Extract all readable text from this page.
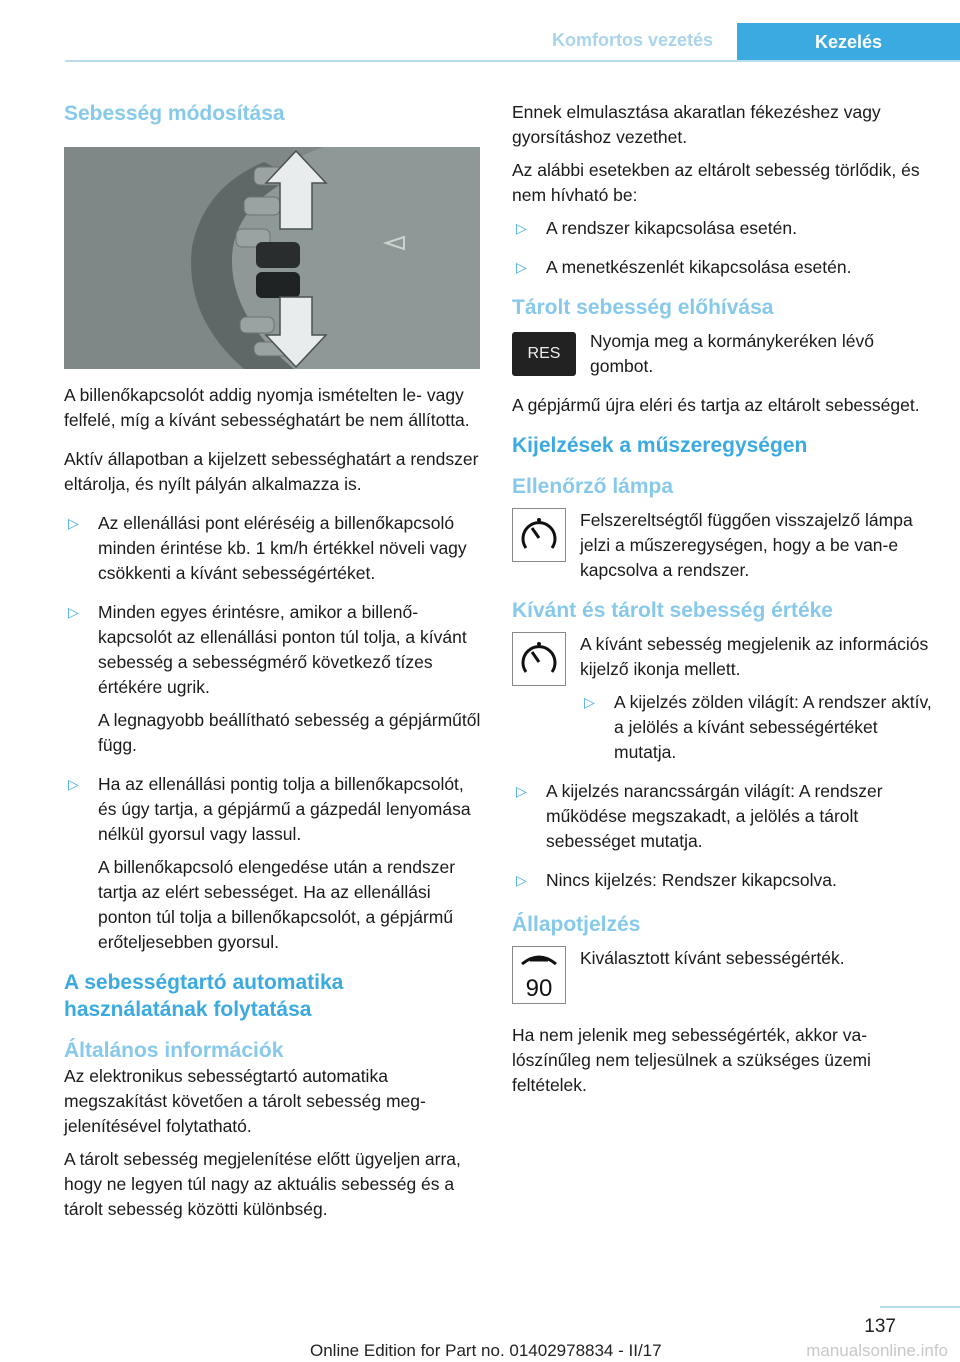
Komfortos vezetés	Kezelés
Sebesség módosítása

A billenőkapcsolót addig nyomja ismételten le- vagy felfelé, míg a kívánt sebességhatárt be nem állította.

Aktív állapotban a kijelzett sebességhatárt a rendszer eltárolja, és nyílt pályán alkalmazza is.

▷ Az ellenállási pont eléréséig a billenőkapcsoló minden érintése kb. 1 km/h értékkel növeli vagy csökkenti a kívánt sebességértéket.
▷ Minden egyes érintésre, amikor a billenőkapcsolót az ellenállási ponton túl tolja, a kívánt sebesség a sebességmérő következő tízes értékére ugrik.
A legnagyobb beállítható sebesség a gépjárműtől függ.
▷ Ha az ellenállási pontig tolja a billenőkapcsolót, és úgy tartja, a gépjármű a gázpedál lenyomása nélkül gyorsul vagy lassul.
A billenőkapcsoló elengedése után a rendszer tartja az elért sebességet. Ha az ellenállási ponton túl tolja a billenőkapcsolót, a gépjármű erőteljesebben gyorsul.
A sebességtartó automatika használatának folytatása
Általános információk

Az elektronikus sebességtartó automatika megszakítást követően a tárolt sebesség megjelenítésével folytatható.

A tárolt sebesség megjelenítése előtt ügyeljen arra, hogy ne legyen túl nagy az aktuális sebesség és a tárolt sebesség közötti különbség.

Ennek elmulasztása akaratlan fékezéshez vagy gyorsításhoz vezethet.

Az alábbi esetekben az eltárolt sebesség törlődik, és nem hívható be:

▷ A rendszer kikapcsolása esetén.
▷ A menetkészenlét kikapcsolása esetén.
Tárolt sebesség előhívása
RES

Nyomja meg a kormánykeréken lévő gombot.

A gépjármű újra eléri és tartja az eltárolt sebességet.

Kijelzések a műszeregységen
Ellenőrző lámpa

Felszereltségtől függően visszajelző lámpa jelzi a műszeregységen, hogy a be van-e kapcsolva a rendszer.

Kívánt és tárolt sebesség értéke

A kívánt sebesség megjelenik az információs kijelző ikonja mellett.

▷ A kijelzés zölden világít: A rendszer aktív, a jelölés a kívánt sebességértéket mutatja.
▷ A kijelzés narancssárgán világít: A rendszer működése megszakadt, a jelölés a tárolt sebességet mutatja.
▷ Nincs kijelzés: Rendszer kikapcsolva.
Állapotjelzés
90

Kiválasztott kívánt sebességérték.

Ha nem jelenik meg sebességérték, akkor valószínűleg nem teljesülnek a szükséges üzemi feltételek.

137
Online Edition for Part no. 01402978834 - II/17	manualsonline.info
